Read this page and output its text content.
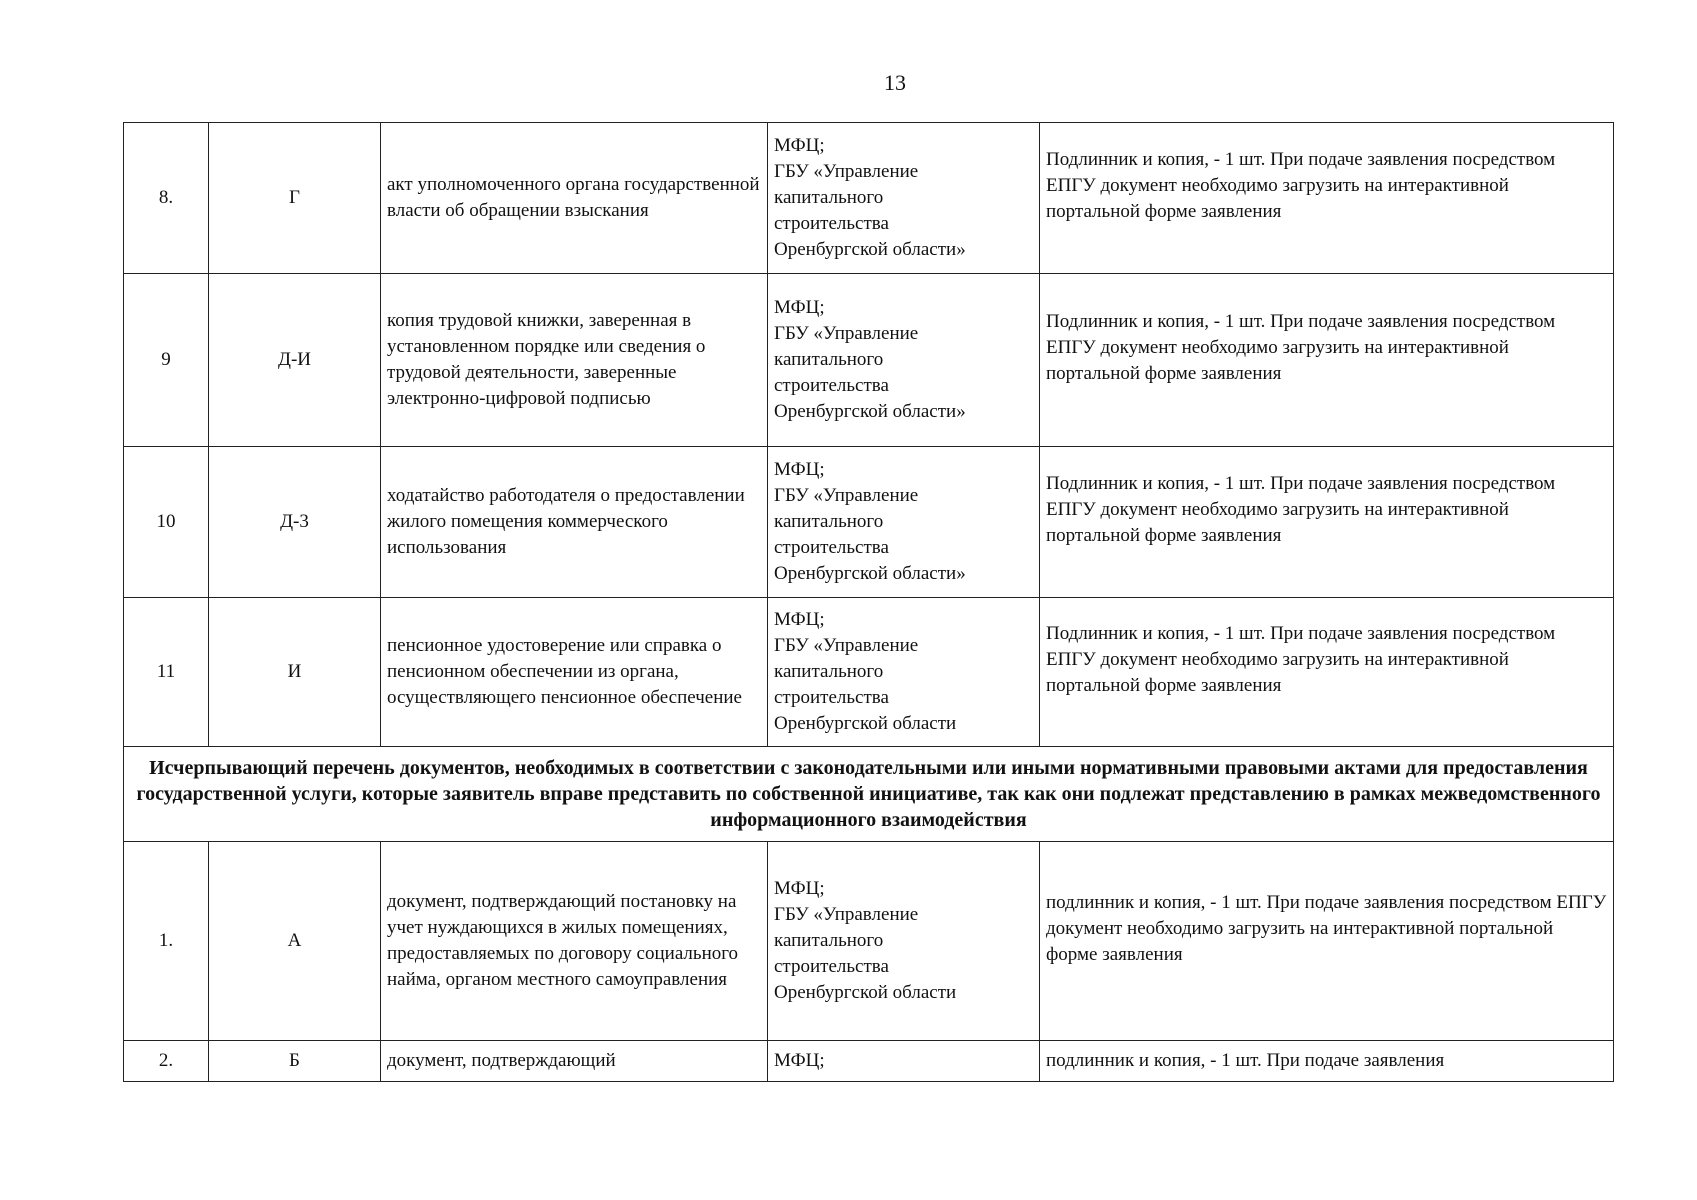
13
8.	Г	акт уполномоченного органа государственной власти об обращении взыскания	МФЦ;
ГБУ «Управление
капитального
строительства
Оренбургской области»	Подлинник и копия, - 1 шт. При подаче заявления посредством ЕПГУ документ необходимо загрузить на интерактивной портальной форме заявления

9	Д-И	копия трудовой книжки, заверенная в установленном порядке или сведения о трудовой деятельности, заверенные электронно-цифровой подписью	МФЦ;
ГБУ «Управление
капитального
строительства
Оренбургской области»	Подлинник и копия, - 1 шт. При подаче заявления посредством ЕПГУ документ необходимо загрузить на интерактивной портальной форме заявления

10	Д-3	ходатайство работодателя о предоставлении жилого помещения коммерческого использования	МФЦ;
ГБУ «Управление
капитального
строительства
Оренбургской области»	Подлинник и копия, - 1 шт. При подаче заявления посредством ЕПГУ документ необходимо загрузить на интерактивной портальной форме заявления

11	И	пенсионное удостоверение или справка о пенсионном обеспечении из органа, осуществляющего пенсионное обеспечение	МФЦ;
ГБУ «Управление
капитального
строительства
Оренбургской области	Подлинник и копия, - 1 шт. При подаче заявления посредством ЕПГУ документ необходимо загрузить на интерактивной портальной форме заявления

Исчерпывающий перечень документов, необходимых в соответствии с законодательными или иными нормативными правовыми актами для предоставления государственной услуги, которые заявитель вправе представить по собственной инициативе, так как они подлежат представлению в рамках межведомственного информационного взаимодействия				
1.	А	документ, подтверждающий постановку на учет нуждающихся в жилых помещениях, предоставляемых по договору социального найма, органом местного самоуправления	МФЦ;
ГБУ «Управление
капитального
строительства
Оренбургской области	подлинник и копия, - 1 шт. При подаче заявления посредством ЕПГУ документ необходимо загрузить на интерактивной портальной форме заявления

2.	Б	документ, подтверждающий	МФЦ;	подлинник и копия, - 1 шт. При подаче заявления
